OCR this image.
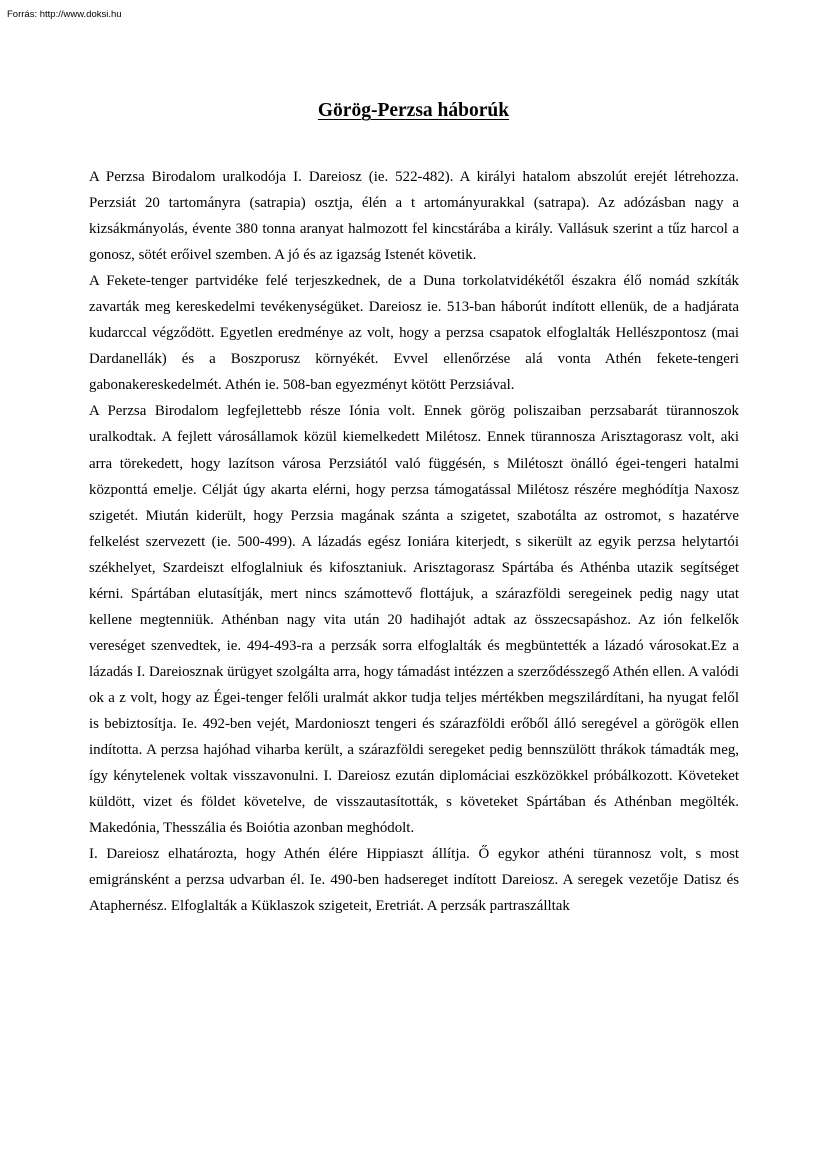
Forrás: http://www.doksi.hu

Görög-Perzsa háborúk

A Perzsa Birodalom uralkodója I. Dareiosz (ie. 522-482). A királyi hatalom abszolút erejét létrehozza. Perzsiát 20 tartományra (satrapia) osztja, élén a t artományurakkal (satrapa). Az adózásban nagy a kizsákmányolás, évente 380 tonna aranyat halmozott fel kincstárába a király. Vallásuk szerint a tűz harcol a gonosz, sötét erőivel szemben. A jó és az igazság Istenét követik.

A Fekete-tenger partvidéke felé terjeszkednek, de a Duna torkolatvidékétől északra élő nomád szkíták zavarták meg kereskedelmi tevékenységüket. Dareiosz ie. 513-ban háborút indított ellenük, de a hadjárata kudarccal végződött. Egyetlen eredménye az volt, hogy a perzsa csapatok elfoglalták Hellészpontosz (mai Dardanellák) és a Boszporusz környékét. Evvel ellenőrzése alá vonta Athén fekete-tengeri gabonakereskedelmét. Athén ie. 508-ban egyezményt kötött Perzsiával.

A Perzsa Birodalom legfejlettebb része Iónia volt. Ennek görög poliszaiban perzsabarát türannoszok uralkodtak. A fejlett városállamok közül kiemelkedett Milétosz. Ennek türannosza Arisztagorasz volt, aki arra törekedett, hogy lazítson városa Perzsiától való függésén, s Milétoszt önálló égei-tengeri hatalmi központtá emelje. Célját úgy akarta elérni, hogy perzsa támogatással Milétosz részére meghódítja Naxosz szigetét. Miután kiderült, hogy Perzsia magának szánta a szigetet, szabotálta az ostromot, s hazatérve felkelést szervezett (ie. 500-499). A lázadás egész Ioniára kiterjedt, s sikerült az egyik perzsa helytartói székhelyet, Szardeiszt elfoglalniuk és kifosztaniuk. Arisztagorasz Spártába és Athénba utazik segítséget kérni. Spártában elutasítják, mert nincs számottevő flottájuk, a szárazföldi seregeinek pedig nagy utat kellene megtenniük. Athénban nagy vita után 20 hadihajót adtak az összecsapáshoz. Az ión felkelők vereséget szenvedtek, ie. 494-493-ra a perzsák sorra elfoglalták és megbüntették a lázadó városokat.Ez a lázadás I. Dareiosznak ürügyet szolgálta arra, hogy támadást intézzen a szerződésszegő Athén ellen. A valódi ok a z volt, hogy az Égei-tenger felőli uralmát akkor tudja teljes mértékben megszilárdítani, ha nyugat felől is bebiztosítja. Ie. 492-ben vejét, Mardonioszt tengeri és szárazföldi erőből álló seregével a görögök ellen indította. A perzsa hajóhad viharba került, a szárazföldi seregeket pedig bennszülött thrákok támadták meg, így kénytelenek voltak visszavonulni. I. Dareiosz ezután diplomáciai eszközökkel próbálkozott. Követeket küldött, vizet és földet követelve, de visszautasították, s követeket Spártában és Athénban megölték. Makedónia, Thesszália és Boiótia azonban meghódolt.

I. Dareiosz elhatározta, hogy Athén élére Hippiaszt állítja. Ő egykor athéni türannosz volt, s most emigránsként a perzsa udvarban él. Ie. 490-ben hadsereget indított Dareiosz. A seregek vezetője Datisz és Ataphernész. Elfoglalták a Küklaszok szigeteit, Eretriát. A perzsák partraszálltak
